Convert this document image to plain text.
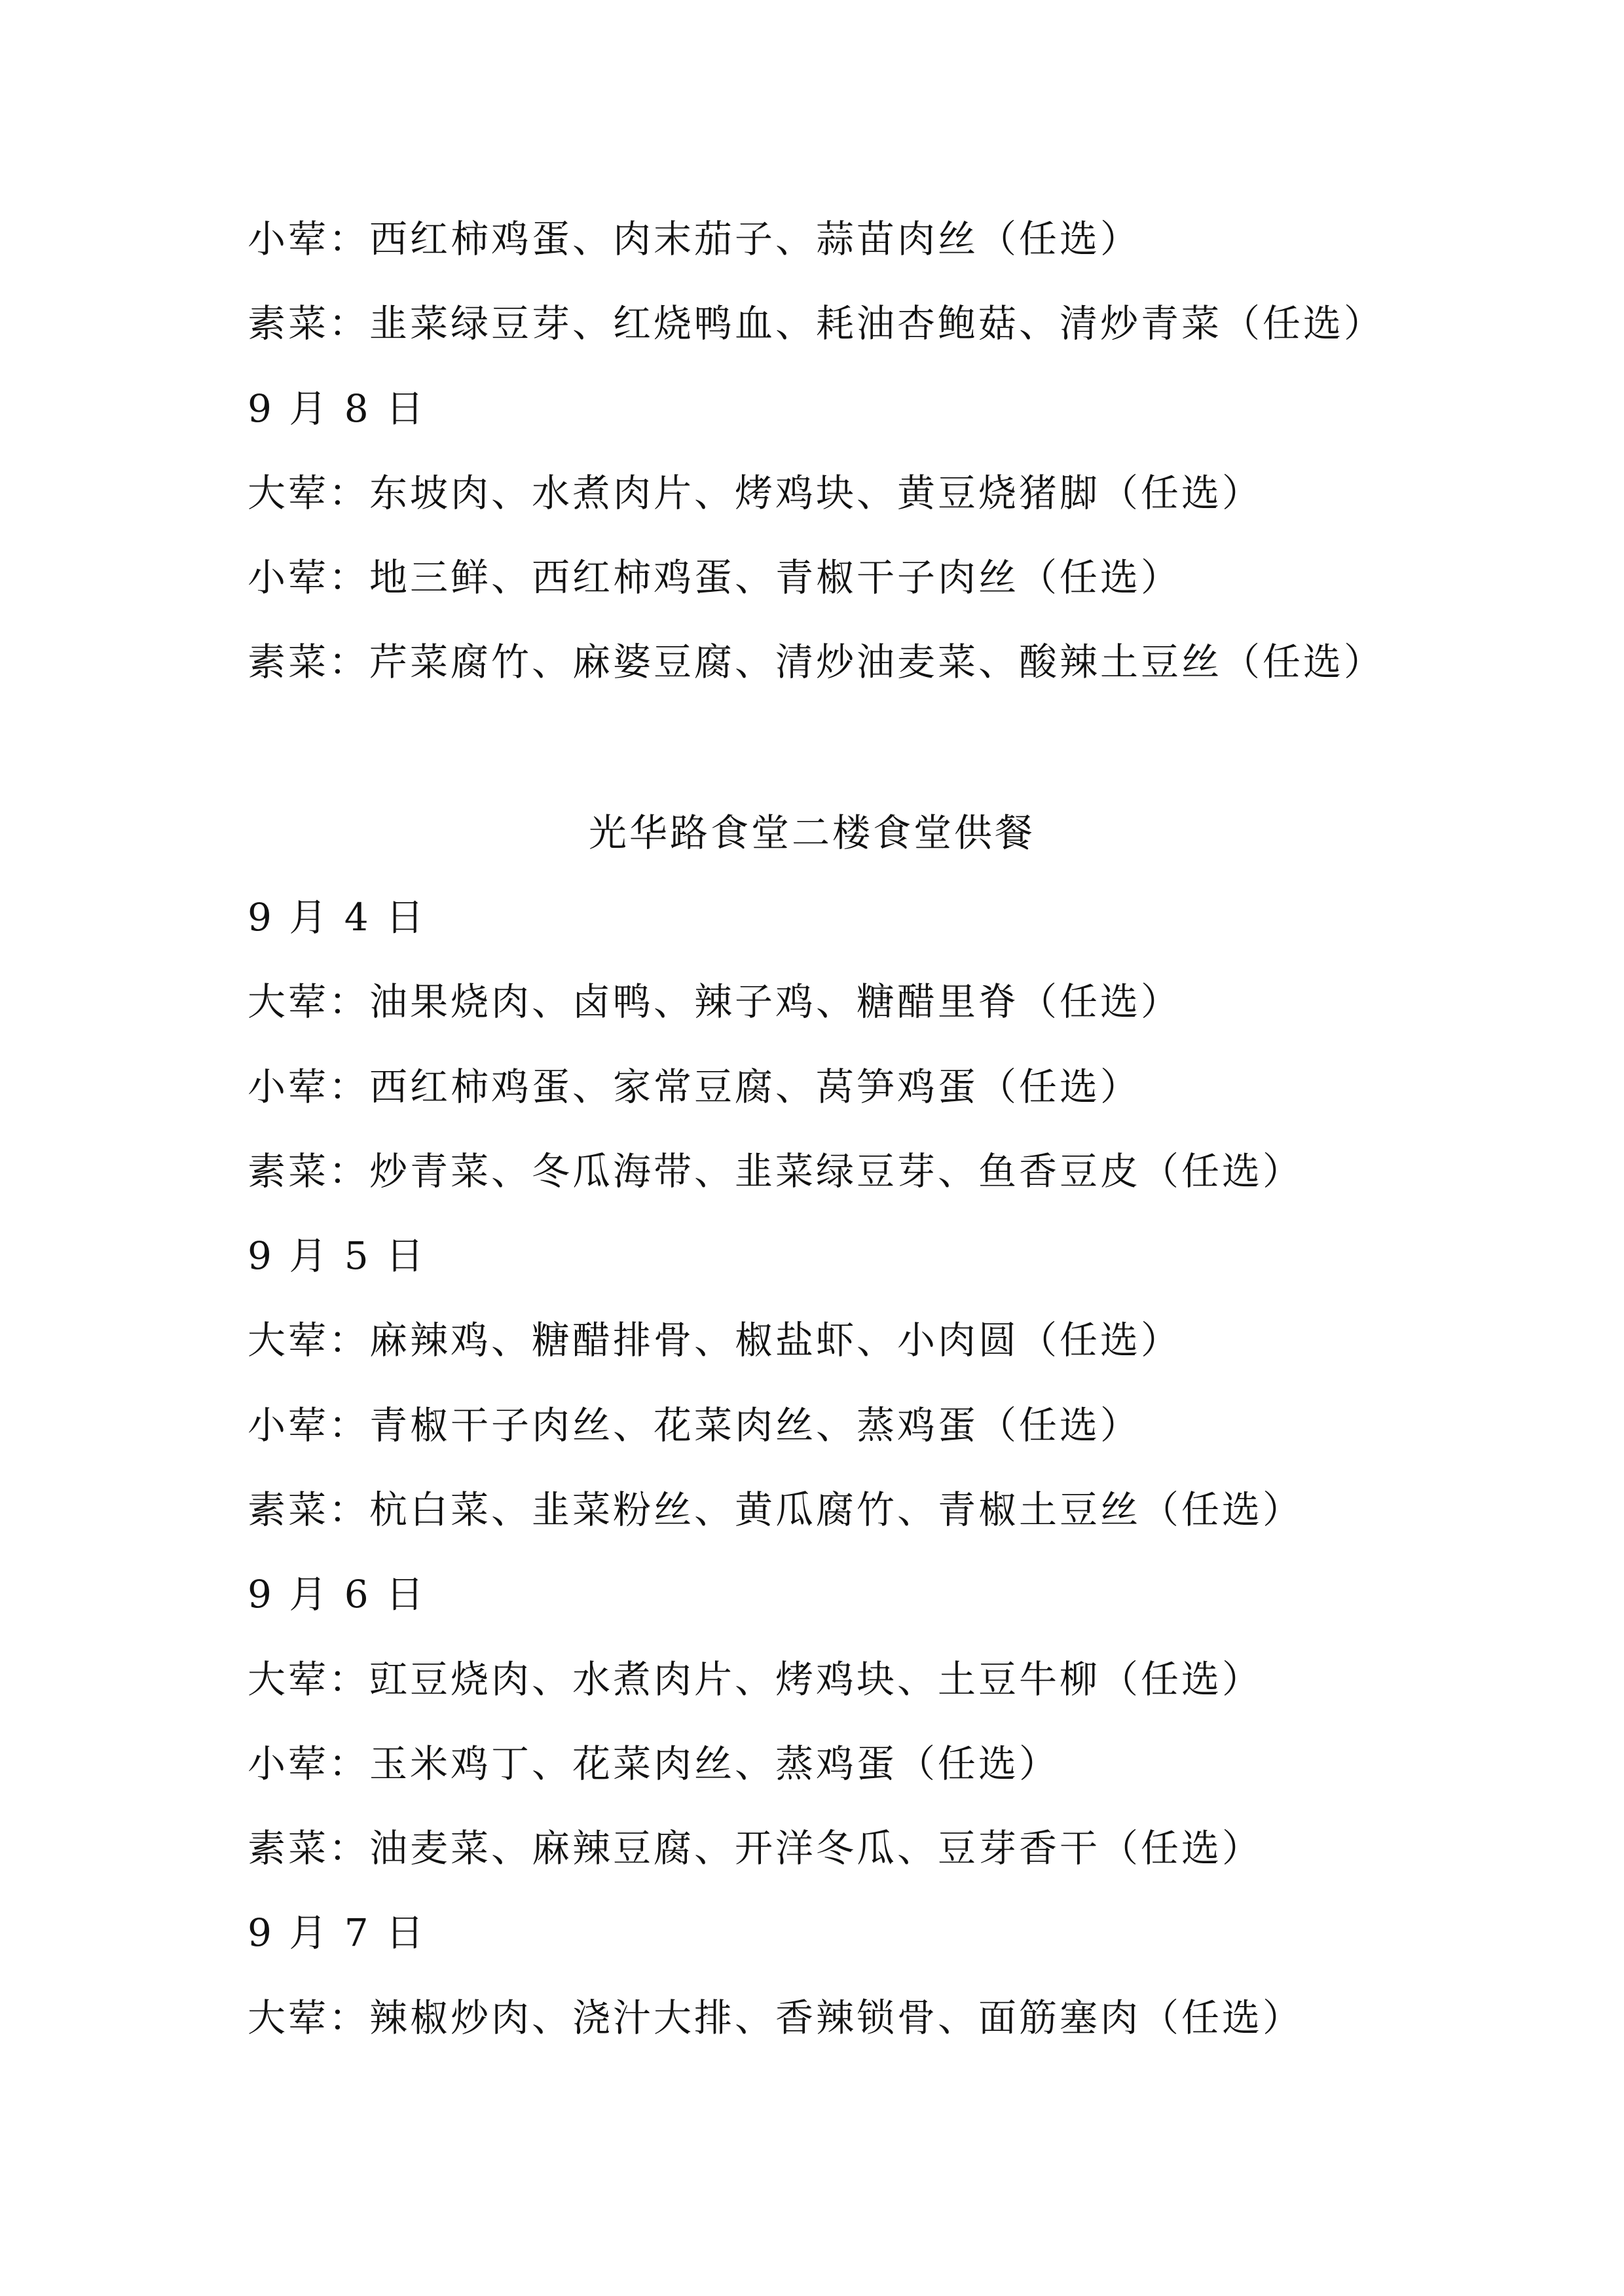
小荤：西红柿鸡蛋、肉末茄子、蒜苗肉丝（任选）
素菜：韭菜绿豆芽、红烧鸭血、耗油杏鲍菇、清炒青菜（任选）
9 月 8 日
大荤：东坡肉、水煮肉片、烤鸡块、黄豆烧猪脚（任选）
小荤：地三鲜、西红柿鸡蛋、青椒干子肉丝（任选）
素菜：芹菜腐竹、麻婆豆腐、清炒油麦菜、酸辣土豆丝（任选）
光华路食堂二楼食堂供餐
9 月 4 日
大荤：油果烧肉、卤鸭、辣子鸡、糖醋里脊（任选）
小荤：西红柿鸡蛋、家常豆腐、莴笋鸡蛋（任选）
素菜：炒青菜、冬瓜海带、韭菜绿豆芽、鱼香豆皮（任选）
9 月 5 日
大荤：麻辣鸡、糖醋排骨、椒盐虾、小肉圆（任选）
小荤：青椒干子肉丝、花菜肉丝、蒸鸡蛋（任选）
素菜：杭白菜、韭菜粉丝、黄瓜腐竹、青椒土豆丝（任选）
9 月 6 日
大荤：豇豆烧肉、水煮肉片、烤鸡块、土豆牛柳（任选）
小荤：玉米鸡丁、花菜肉丝、蒸鸡蛋（任选）
素菜：油麦菜、麻辣豆腐、开洋冬瓜、豆芽香干（任选）
9 月 7 日
大荤：辣椒炒肉、浇汁大排、香辣锁骨、面筋塞肉（任选）
